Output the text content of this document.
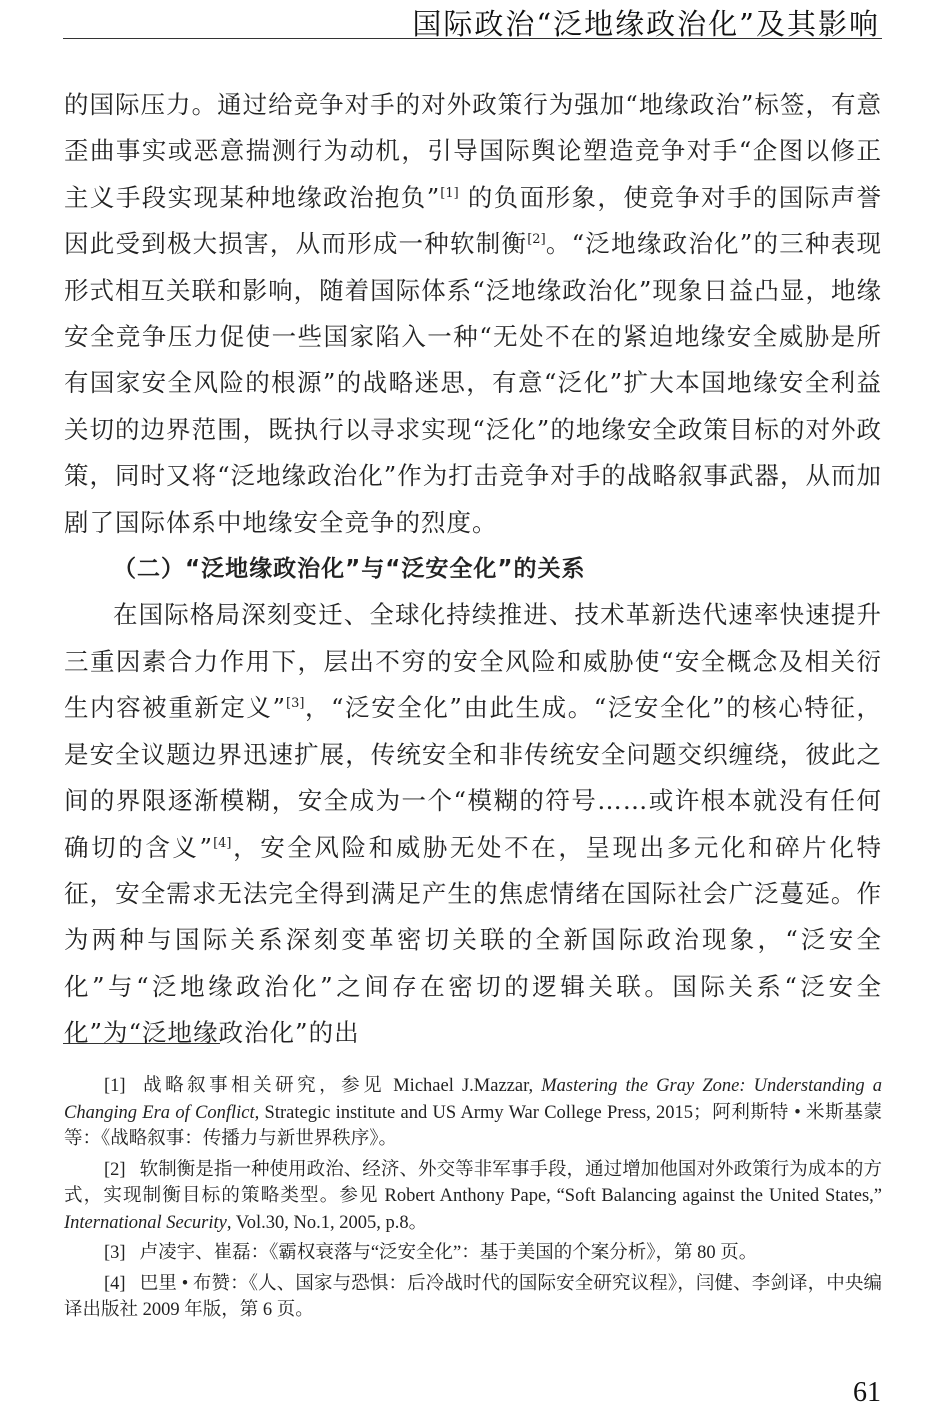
国际政治“泛地缘政治化”及其影响

的国际压力。通过给竞争对手的对外政策行为强加“地缘政治”标签，有意歪曲事实或恶意揣测行为动机，引导国际舆论塑造竞争对手“企图以修正主义手段实现某种地缘政治抱负”[1] 的负面形象，使竞争对手的国际声誉因此受到极大损害，从而形成一种软制衡[2]。“泛地缘政治化”的三种表现形式相互关联和影响，随着国际体系“泛地缘政治化”现象日益凸显，地缘安全竞争压力促使一些国家陷入一种“无处不在的紧迫地缘安全威胁是所有国家安全风险的根源”的战略迷思，有意“泛化”扩大本国地缘安全利益关切的边界范围，既执行以寻求实现“泛化”的地缘安全政策目标的对外政策，同时又将“泛地缘政治化”作为打击竞争对手的战略叙事武器，从而加剧了国际体系中地缘安全竞争的烈度。

（二）“泛地缘政治化”与“泛安全化”的关系

在国际格局深刻变迁、全球化持续推进、技术革新迭代速率快速提升三重因素合力作用下，层出不穷的安全风险和威胁使“安全概念及相关衍生内容被重新定义”[3]，“泛安全化”由此生成。“泛安全化”的核心特征，是安全议题边界迅速扩展，传统安全和非传统安全问题交织缠绕，彼此之间的界限逐渐模糊，安全成为一个“模糊的符号……或许根本就没有任何确切的含义”[4]，安全风险和威胁无处不在，呈现出多元化和碎片化特征，安全需求无法完全得到满足产生的焦虑情绪在国际社会广泛蔓延。作为两种与国际关系深刻变革密切关联的全新国际政治现象，“泛安全化”与“泛地缘政治化”之间存在密切的逻辑关联。国际关系“泛安全化”为“泛地缘政治化”的出

[1] 战略叙事相关研究，参见 Michael J.Mazzar, Mastering the Gray Zone: Understanding a Changing Era of Conflict, Strategic institute and US Army War College Press, 2015；阿利斯特 • 米斯基蒙等：《战略叙事：传播力与新世界秩序》。

[2] 软制衡是指一种使用政治、经济、外交等非军事手段，通过增加他国对外政策行为成本的方式，实现制衡目标的策略类型。参见 Robert Anthony Pape, “Soft Balancing against the United States,” International Security, Vol.30, No.1, 2005, p.8。

[3] 卢凌宇、崔磊：《霸权衰落与“泛安全化”：基于美国的个案分析》，第 80 页。

[4] 巴里 • 布赞：《人、国家与恐惧：后冷战时代的国际安全研究议程》，闫健、李剑译，中央编译出版社 2009 年版，第 6 页。

61
